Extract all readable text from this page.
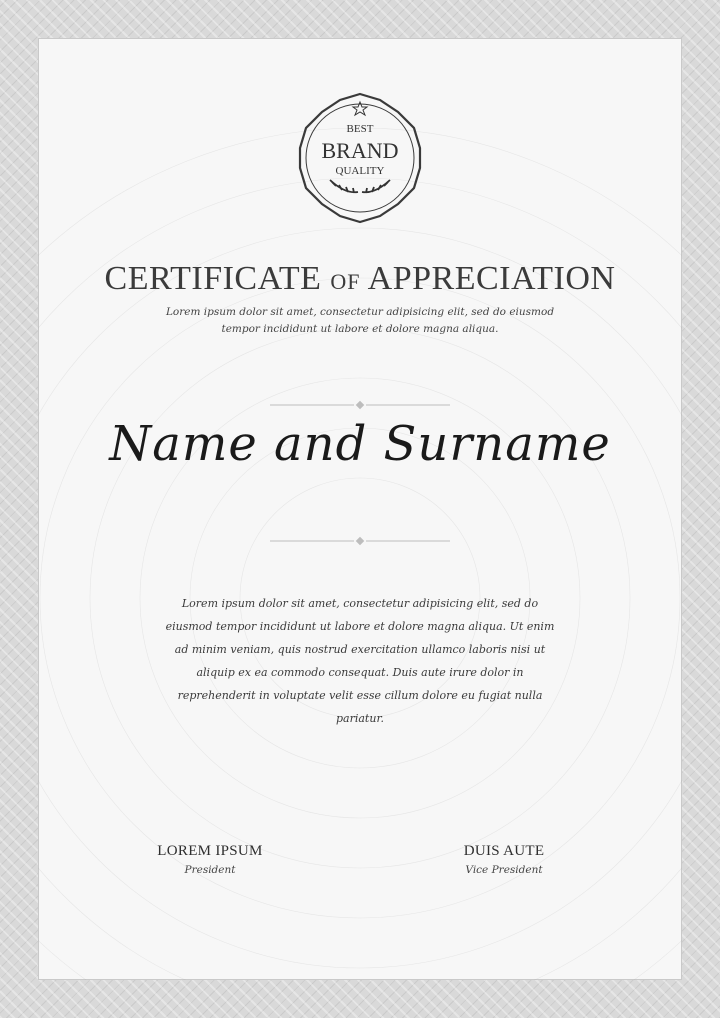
BEST
BRAND
QUALITY
CERTIFICATE OF APPRECIATION
Lorem ipsum dolor sit amet, consectetur adipisicing elit, sed do eiusmod tempor incididunt ut labore et dolore magna aliqua.
Name and Surname
Lorem ipsum dolor sit amet, consectetur adipisicing elit, sed do eiusmod tempor incididunt ut labore et dolore magna aliqua. Ut enim ad minim veniam, quis nostrud exercitation ullamco laboris nisi ut aliquip ex ea commodo consequat. Duis aute irure dolor in reprehenderit in voluptate velit esse cillum dolore eu fugiat nulla pariatur.
LOREM IPSUM
President
DUIS AUTE
Vice President
